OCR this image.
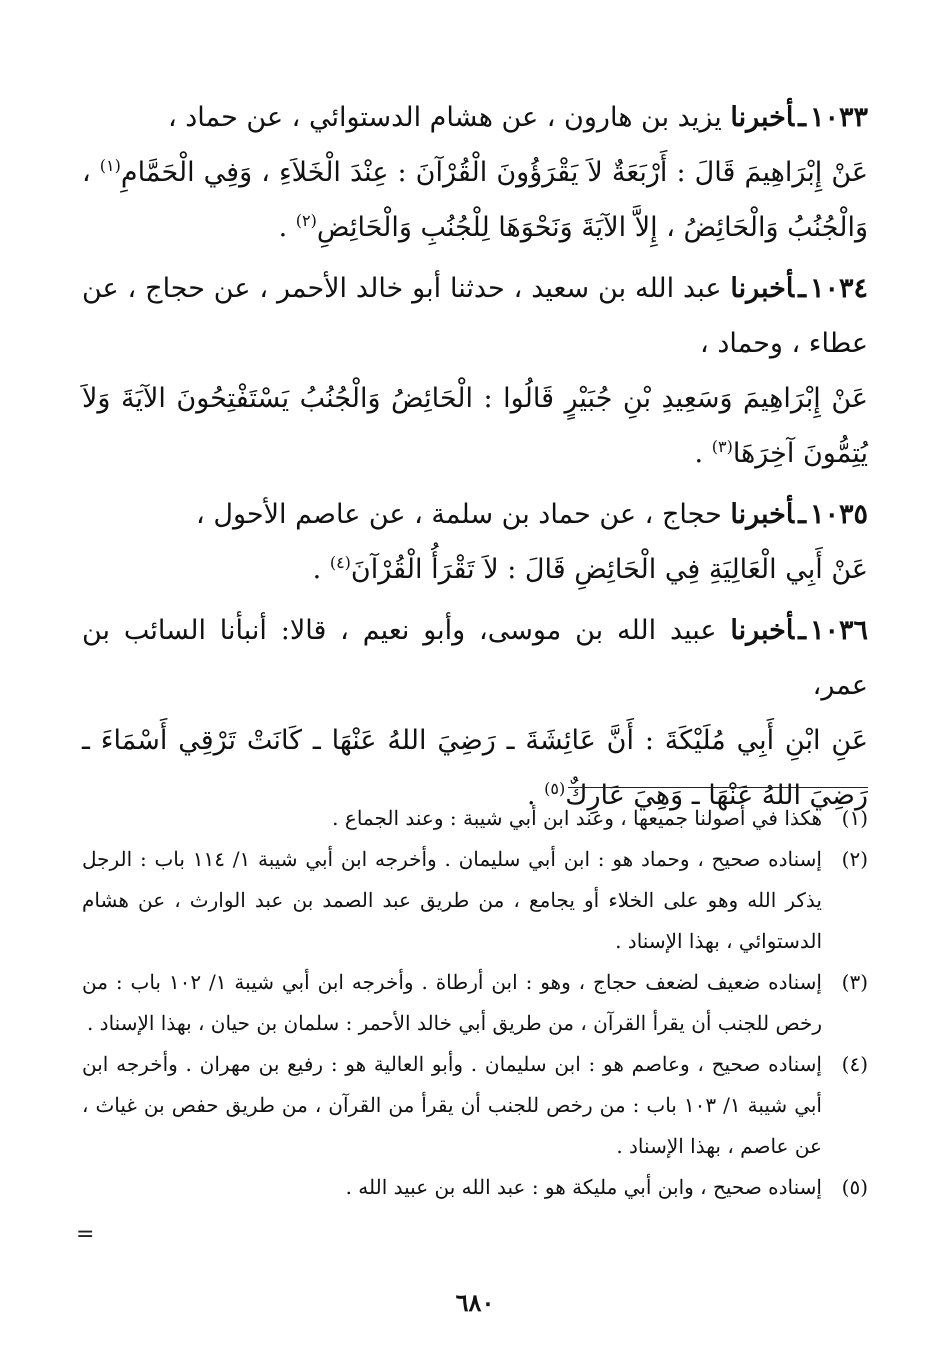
١٠٣٣ـأخبرنا يزيد بن هارون ، عن هشام الدستوائي ، عن حماد ،

عَنْ إِبْرَاهِيمَ قَالَ : أَرْبَعَةٌ لاَ يَقْرَؤُونَ الْقُرْآنَ : عِنْدَ الْخَلاَءِ ، وَفِي الْحَمَّامِ$^{(١)}$ ، وَالْجُنُبُ وَالْحَائِضُ ، إِلاَّ الآيَةَ وَنَحْوَهَا لِلْجُنُبِ وَالْحَائِضِ$^{(٢)}$ .

١٠٣٤ـأخبرنا عبد الله بن سعيد ، حدثنا أبو خالد الأحمر ، عن حجاج ، عن عطاء ، وحماد ،

عَنْ إِبْرَاهِيمَ وَسَعِيدِ بْنِ جُبَيْرٍ قَالُوا : الْحَائِضُ وَالْجُنُبُ يَسْتَفْتِحُونَ الآيَةَ وَلاَ يُتِمُّونَ آخِرَهَا$^{(٣)}$ .

١٠٣٥ـأخبرنا حجاج ، عن حماد بن سلمة ، عن عاصم الأحول ،

عَنْ أَبِي الْعَالِيَةِ فِي الْحَائِضِ قَالَ : لاَ تَقْرَأُ الْقُرْآنَ$^{(٤)}$ .

١٠٣٦ـأخبرنا عبيد الله بن موسى، وأبو نعيم ، قالا: أنبأنا السائب بن عمر،

عَنِ ابْنِ أَبِي مُلَيْكَةَ : أَنَّ عَائِشَةَ ـ رَضِيَ اللهُ عَنْهَا ـ كَانَتْ تَرْقِي أَسْمَاءَ ـ رَضِيَ اللهُ عَنْهَا ـ وَهِيَ عَارِكٌ$^{(٥)}$ .

(١)
هكذا في أصولنا جميعها ، وعند ابن أبي شيبة : وعند الجماع .
(٢)
إسناده صحيح ، وحماد هو : ابن أبي سليمان . وأخرجه ابن أبي شيبة ١/ ١١٤ باب : الرجل يذكر الله وهو على الخلاء أو يجامع ، من طريق عبد الصمد بن عبد الوارث ، عن هشام الدستوائي ، بهذا الإسناد .
(٣)
إسناده ضعيف لضعف حجاج ، وهو : ابن أرطاة . وأخرجه ابن أبي شيبة ١/ ١٠٢ باب : من رخص للجنب أن يقرأ القرآن ، من طريق أبي خالد الأحمر : سلمان بن حيان ، بهذا الإسناد .
(٤)
إسناده صحيح ، وعاصم هو : ابن سليمان . وأبو العالية هو : رفيع بن مهران . وأخرجه ابن أبي شيبة ١/ ١٠٣ باب : من رخص للجنب أن يقرأ من القرآن ، من طريق حفص بن غياث ، عن عاصم ، بهذا الإسناد .
(٥)
إسناده صحيح ، وابن أبي مليكة هو : عبد الله بن عبيد الله .
٦٨٠
=
